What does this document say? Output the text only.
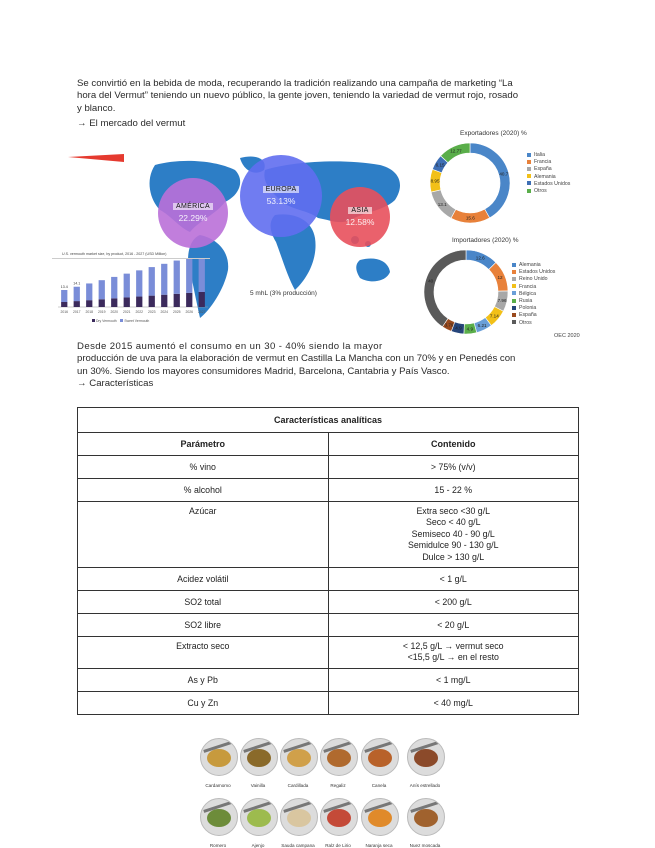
Se convirtió en la bebida de moda, recuperando la tradición realizando una campaña de marketing “La
hora del Vermut” teniendo un nuevo público, la gente joven, teniendo la variedad de vermut rojo, rosado
y blanco.
→ El mercado del vermut
AMÉRICA
22.29%
EUROPA
53.13%
ASIA
12.58%
U.S. vermouth market size, by product, 2016 - 2027 (USD Million)
2016
13.4
2017
14.1
2018 2019 2020 2021 2022 2023 2024 2025 2026 2027
Dry Vermouth Sweet Vermouth
5 mhL (3% producción)
Exportadores (2020) %
40.7
15.6
13.1
8.95
6.15
12.77
Italia
Francia
España
Alemania
Estados Unidos
Otros
Importadores (2020) %
12.6
12
7.96
7.14
6.21
4.9
4.9
3.79
40
Alemania
Estados Unidos
Reino Unido
Francia
Bélgica
Rusia
Polonia
España
Otros
OEC 2020
Desde 2015 aumentó el consumo en un 30 - 40% siendo la mayor
producción de uva para la elaboración de vermut en Castilla La Mancha con un 70% y en Penedés con
un 30%. Siendo los mayores consumidores Madrid, Barcelona, Cantabria y País Vasco.
→ Características
Características analíticas	
Parámetro	Contenido
% vino	> 75% (v/v)
% alcohol	15 - 22 %
Azúcar	Extra seco <30 g/L
Seco < 40 g/L
Semiseco 40 - 90 g/L
Semidulce 90 - 130 g/L
Dulce > 130 g/L

Acidez volátil	< 1 g/L
SO2 total	< 200 g/L
SO2 libre	< 20 g/L
Extracto seco	< 12,5 g/L → vermut seco
<15,5 g/L → en el resto

As y Pb	< 1 mg/L
Cu y Zn	< 40 mg/L
Cardamomo	Vainilla	Cardillada	Regaliz	Canela	Anís estrellado
Romero	Ajenjo	Sauda campana	Ralz de Lirio	Naranja seca	Nuez moscada
